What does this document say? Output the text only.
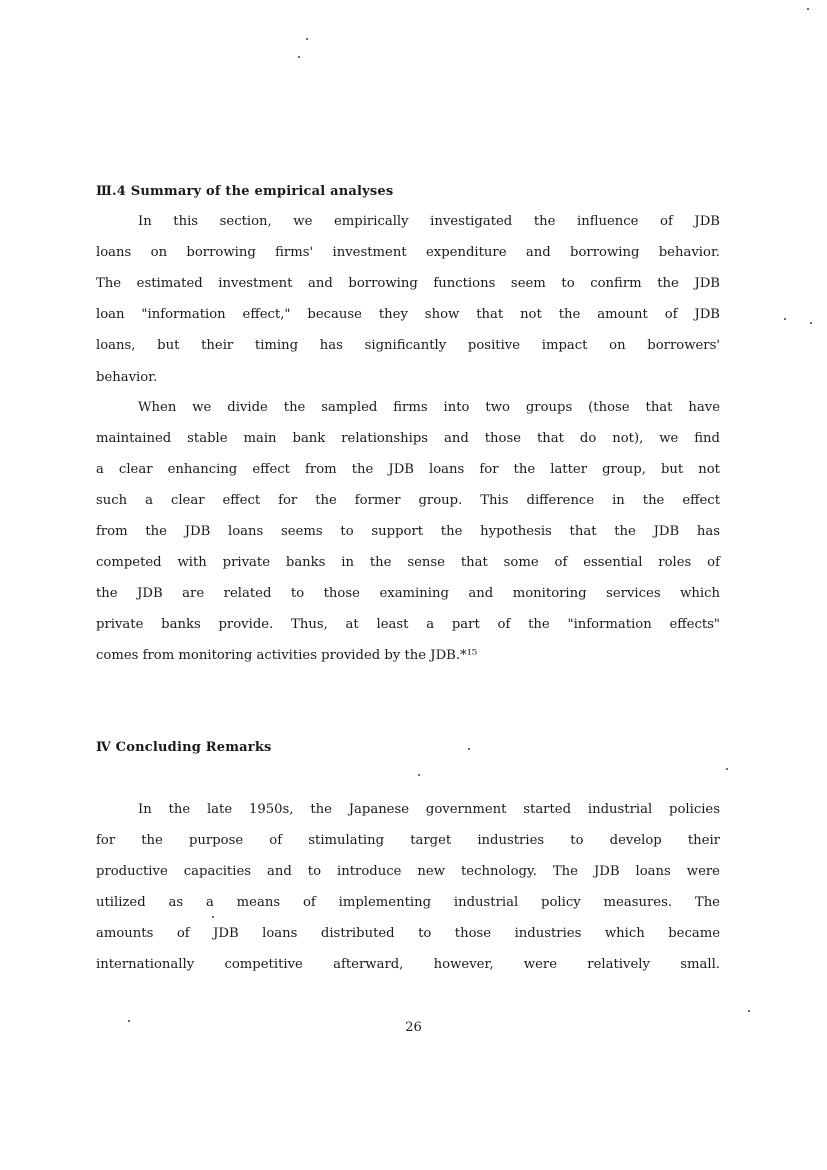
Ⅲ.4 Summary of the empirical analyses
In this section, we empirically investigated the influence of JDB
loans on borrowing firms' investment expenditure and borrowing behavior.
The estimated investment and borrowing functions seem to confirm the JDB
loan "information effect," because they show that not the amount of JDB
loans, but their timing has significantly positive impact on borrowers'
behavior.
When we divide the sampled firms into two groups (those that have
maintained stable main bank relationships and those that do not), we find
a clear enhancing effect from the JDB loans for the latter group, but not
such a clear effect for the former group. This difference in the effect
from the JDB loans seems to support the hypothesis that the JDB has
competed with private banks in the sense that some of essential roles of
the JDB are related to those examining and monitoring services which
private banks provide. Thus, at least a part of the "information effects"
comes from monitoring activities provided by the JDB.*¹⁵
Ⅳ Concluding Remarks
In the late 1950s, the Japanese government started industrial policies
for the purpose of stimulating target industries to develop their
productive capacities and to introduce new technology. The JDB loans were
utilized as a means of implementing industrial policy measures. The
amounts of JDB loans distributed to those industries which became
internationally competitive afterward, however, were relatively small.
26
